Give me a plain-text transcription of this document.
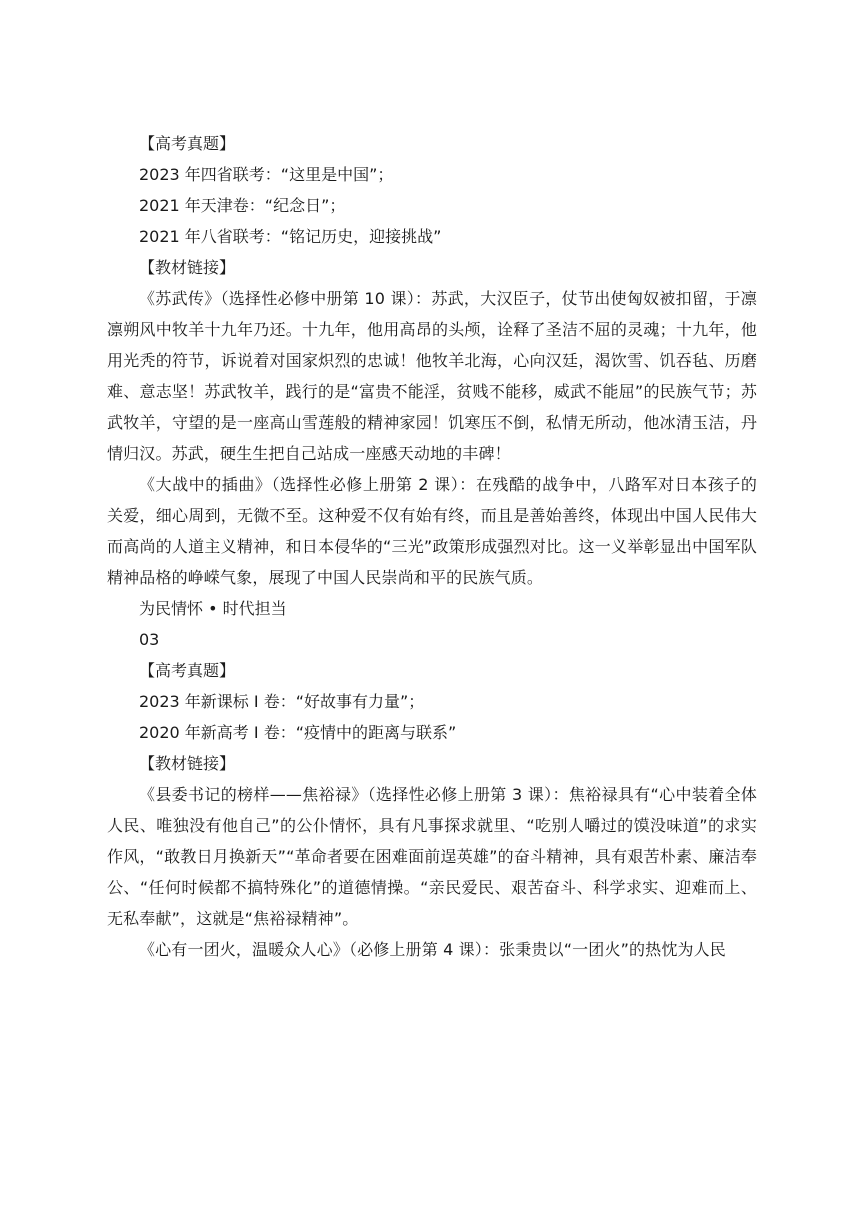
【高考真题】
2023 年四省联考：“这里是中国”；
2021 年天津卷：“纪念日”；
2021 年八省联考：“铭记历史，迎接挑战”
【教材链接】

《苏武传》（选择性必修中册第 10 课）：苏武，大汉臣子，仗节出使匈奴被扣留，于凛凛朔风中牧羊十九年乃还。十九年，他用高昂的头颅，诠释了圣洁不屈的灵魂；十九年，他用光秃的符节，诉说着对国家炽烈的忠诚！他牧羊北海，心向汉廷，渴饮雪、饥吞毡、历磨难、意志坚！苏武牧羊，践行的是“富贵不能淫，贫贱不能移，威武不能屈”的民族气节；苏武牧羊，守望的是一座高山雪莲般的精神家园！饥寒压不倒，私情无所动，他冰清玉洁，丹情归汉。苏武，硬生生把自己站成一座感天动地的丰碑！

《大战中的插曲》（选择性必修上册第 2 课）：在残酷的战争中，八路军对日本孩子的关爱，细心周到，无微不至。这种爱不仅有始有终，而且是善始善终，体现出中国人民伟大而高尚的人道主义精神，和日本侵华的“三光”政策形成强烈对比。这一义举彰显出中国军队精神品格的峥嵘气象，展现了中国人民崇尚和平的民族气质。

为民情怀 • 时代担当
03
【高考真题】
2023 年新课标 I 卷：“好故事有力量”；
2020 年新高考 I 卷：“疫情中的距离与联系”
【教材链接】

《县委书记的榜样——焦裕禄》（选择性必修上册第 3 课）：焦裕禄具有“心中装着全体人民、唯独没有他自己”的公仆情怀，具有凡事探求就里、“吃别人嚼过的馍没味道”的求实作风，“敢教日月换新天”“革命者要在困难面前逞英雄”的奋斗精神，具有艰苦朴素、廉洁奉公、“任何时候都不搞特殊化”的道德情操。“亲民爱民、艰苦奋斗、科学求实、迎难而上、无私奉献”，这就是“焦裕禄精神”。

《心有一团火，温暖众人心》（必修上册第 4 课）：张秉贵以“一团火”的热忱为人民
